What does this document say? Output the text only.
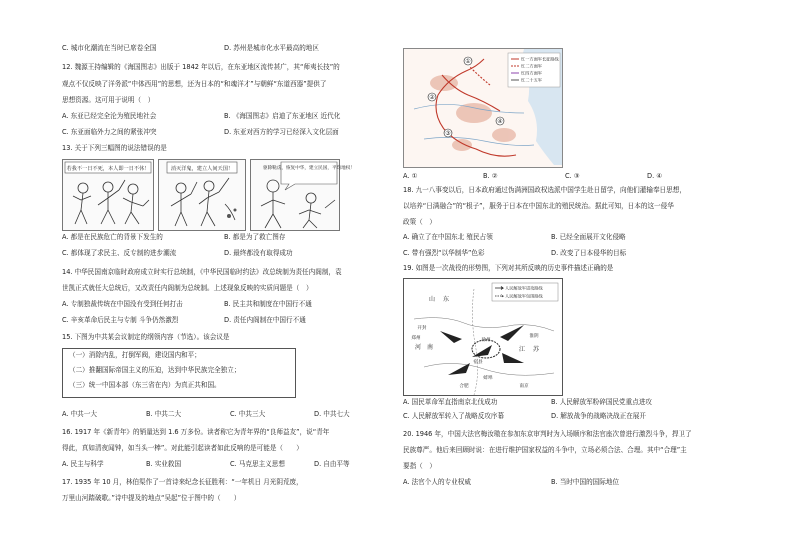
C. 城市化潮流在当时已席卷全国	D. 苏州是城市化水平最高的地区
12. 魏源王持编辑的《海国图志》出版于 1842 年以后，在东亚地区流传甚广，其“师夷长技”的
观点不仅反映了洋务派“中体西用”的思想，还为日本的“和魂洋才”与朝鲜“东道西器”提供了
思想资源。这可用于说明（　）
A. 东亚已经完全沦为殖民地社会	B. 《海国图志》启迪了东亚地区 近代化
C. 东亚面临外力之间的紧张冲突	D. 东亚对西方的学习已经深入文化层面
13. 关于下列三幅图的说法错误的是
若我不一日不死，本人即一日不休！	消灭洋鬼，建立人间天国！	驱除鞑虏，恢复中华，建立民国，平均地权！
A. 都是在民族危亡的背景下发生的	B. 都是为了救亡图存
C. 都体现了求民主、反专制的进步潮流	D. 最终都没有取得成功
14. 中华民国南京临时政府成立时实行总统制，《中华民国临时约法》改总统制为责任内阁制，袁
世凯正式就任大总统后，又改责任内阁制为总统制。上述现象反映的实质问题是（　）
A. 专制独裁传统在中国没有受到任何打击	B. 民主共和制度在中国行不通
C. 辛亥革命后民主与专制 斗争仍然激烈	D. 责任内阁制在中国行不通
15. 下图为中共某会议制定的纲领内容（节选）。该会议是
（一）消除内乱，打倒军阀，建设国内和平；
（二）推翻国际帝国主义的压迫，达到中华民族完全独立；
（三）统一中国本部（东三省在内）为真正共和国。
A. 中共一大	B. 中共二大	C. 中共三大	D. 中共七大
16. 1917 年《新青年》的销量达到 1.6 万多份。读者称它为青年界的“良师益友”，说“青年
得此，真如清夜闻钟，如当头一棒”。对此能引起读者如此反响的是可能是（　　）
A. 民主与科学	B. 实业救国	C. 马克思主义思想	D. 自由平等
17. 1935 年 10 月，林伯渠作了一首诗来纪念长征胜利：“一年机日 月光阴荒废，
万里山河踏破歌。”诗中提及的地点“吴起”位于图中的（　　）
①
②
③
④
红一方面军长征路线
红二方面军
红四方面军
红二十五军
A. ①	B. ②	C. ③	D. ④
18. 九一八事变以后，日本政府通过伪满洲国政权选派中国学生赴日留学，向他们灌输奉日思想，
以培养“日满融合”的“根子”，服务于日本在中国东北的殖民统治。据此可知，日本的这一侵华
政策（　）
A. 确立了在中国东北 殖民占领	B. 已经全面展开文化侵略
C. 带有强烈“以华制华”色彩	D. 改变了日本侵华的目标
19. 如图是一次战役的形势图，下列对其所反映的历史事件描述正确的是
山 东
江 苏
河 南
开封
郑州	徐州
合肥	南京
淮阴
蚌埠
宿县
人民解放军进攻路线
人民解放军包围路线
A. 国民革命军直指南京北伐成功	B. 人民解放军粉碎国民党重点进攻
C. 人民解放军转入了战略反攻序幕	D. 解放战争的战略决战正在展开
20. 1946 年，中国大法官梅汝璈在参加东京审判时为入场顺序和法官座次曾进行激烈斗争，捍卫了
民族尊严。他后来回顾时说：在进行维护国家权益的斗争中，立场必须合法、合理。其中“合理”主
要指（　）
A. 法官个人的专业权威	B. 当时中国的国际地位
